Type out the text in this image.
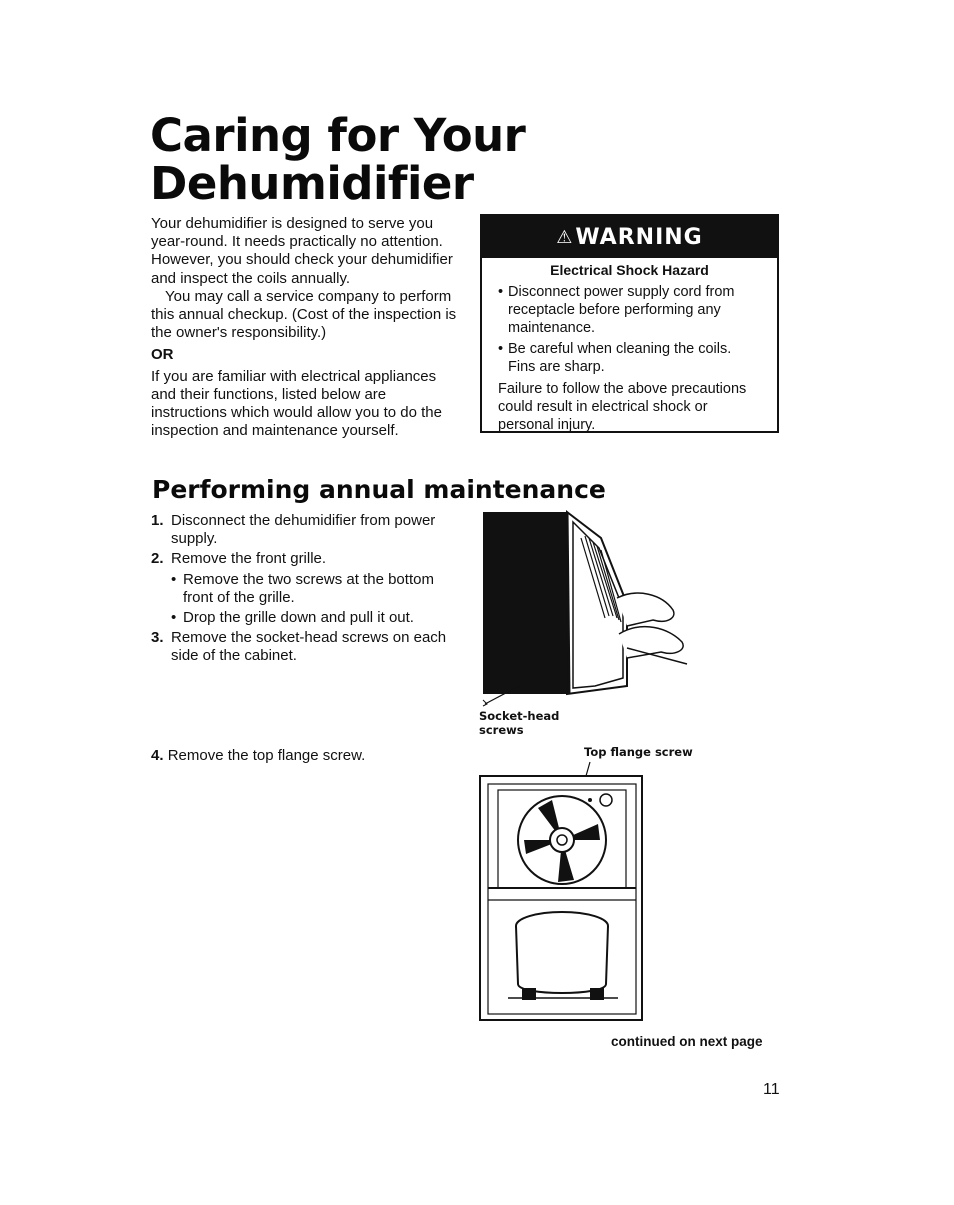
Caring for Your
Dehumidifier

Your dehumidifier is designed to serve you year-round. It needs practically no attention. However, you should check your dehumidifier and inspect the coils annually.

You may call a service company to perform this annual checkup. (Cost of the inspection is the owner's responsibility.)

OR

If you are familiar with electrical appliances and their functions, listed below are instructions which would allow you to do the inspection and maintenance yourself.

⚠ WARNING

Electrical Shock Hazard

• Disconnect power supply cord from receptacle before performing any maintenance.

• Be careful when cleaning the coils. Fins are sharp.

Failure to follow the above precautions could result in electrical shock or personal injury.

Performing annual maintenance
1. Disconnect the dehumidifier from power supply.
2. Remove the front grille.
• Remove the two screws at the bottom front of the grille.
• Drop the grille down and pull it out.
3. Remove the socket-head screws on each side of the cabinet.
4. Remove the top flange screw.
Socket-head
screws
Top flange screw
continued on next page
11
